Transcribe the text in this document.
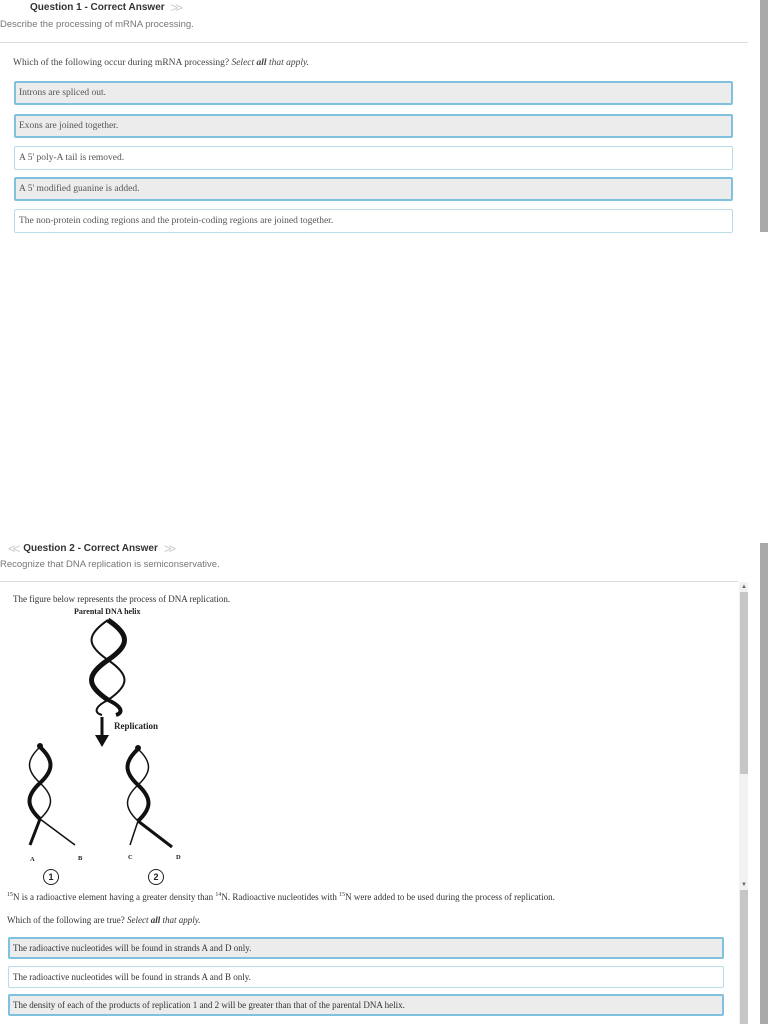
Question 1 - Correct Answer >>
Describe the processing of mRNA processing.
Which of the following occur during mRNA processing? Select all that apply.
Introns are spliced out.
Exons are joined together.
A 5' poly-A tail is removed.
A 5' modified guanine is added.
The non-protein coding regions and the protein-coding regions are joined together.
<< Question 2 - Correct Answer >>
Recognize that DNA replication is semiconservative.
▲
▼
The figure below represents the process of DNA replication.
Parental DNA helix
Replication
A	B	C	D
1	2
$^{15}$N is a radioactive element having a greater density than $^{14}$N. Radioactive nucleotides with $^{15}$N were added to be used during the process of replication.
Which of the following are true? Select all that apply.
The radioactive nucleotides will be found in strands A and D only.
The radioactive nucleotides will be found in strands A and B only.
The density of each of the products of replication 1 and 2 will be greater than that of the parental DNA helix.
